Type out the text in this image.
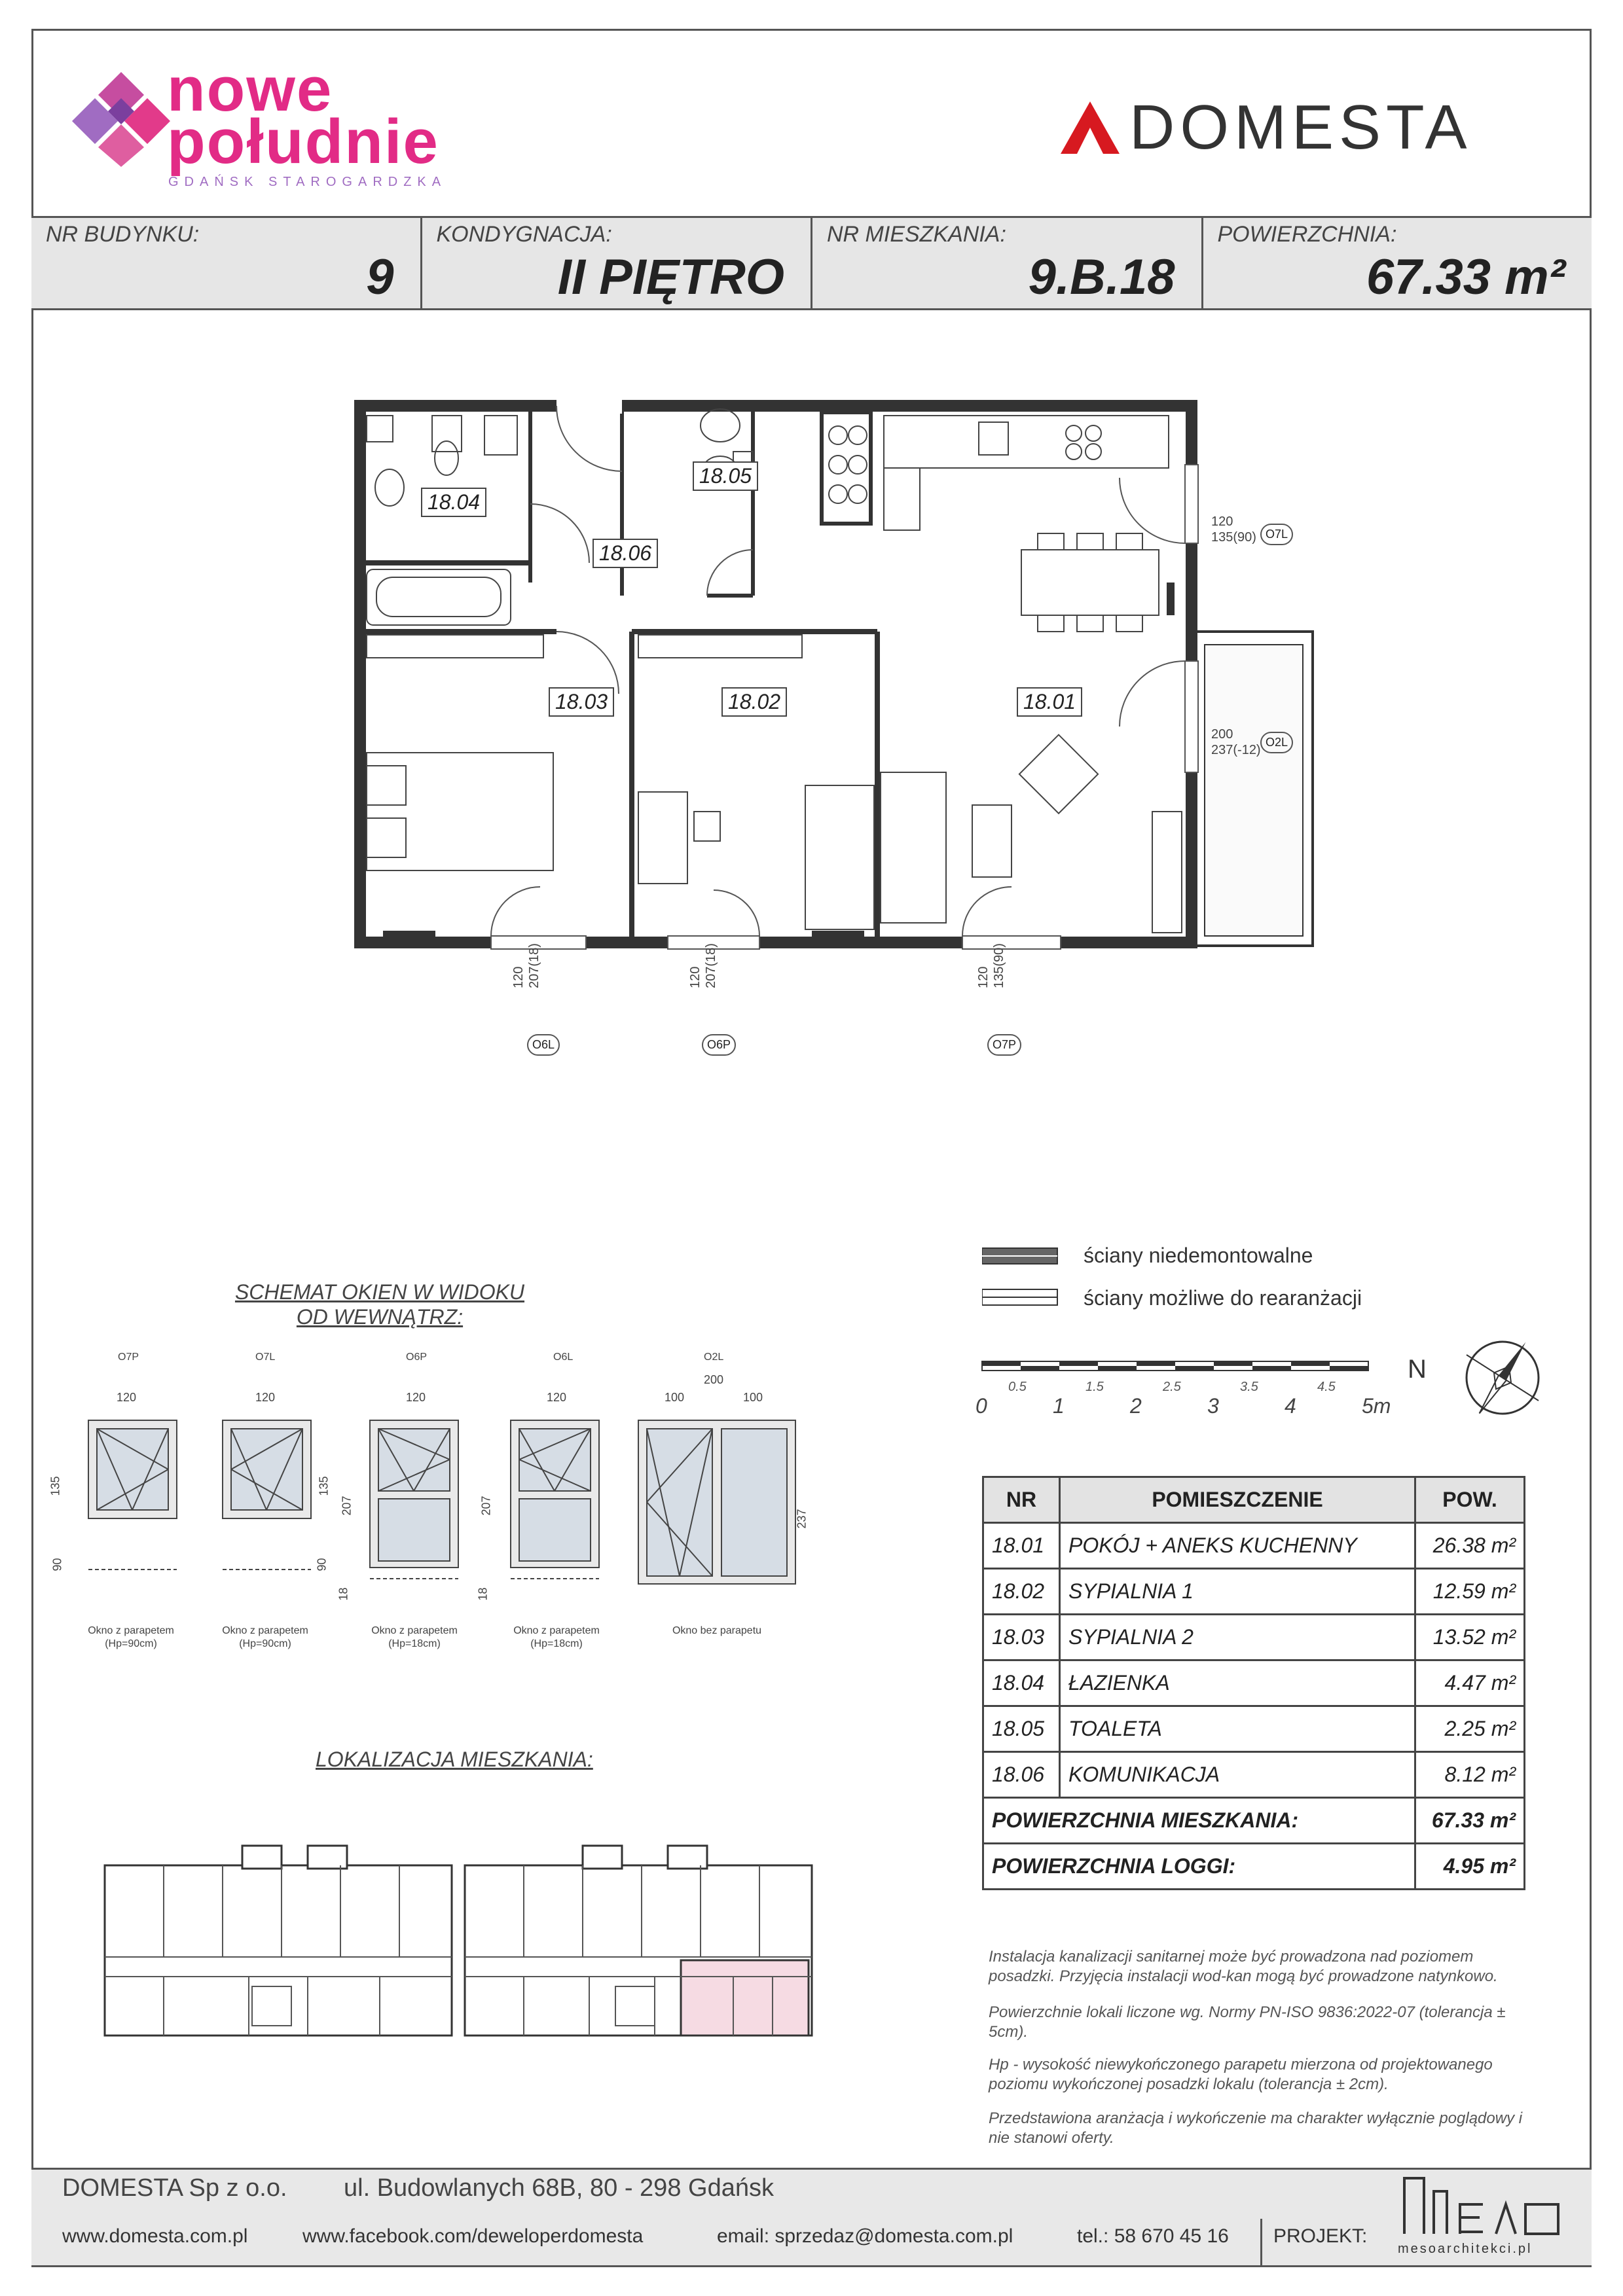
nowe
południe
GDAŃSK STAROGARDZKA
DOMESTA
NR BUDYNKU:
9
KONDYGNACJA:
II PIĘTRO
NR MIESZKANIA:
9.B.18
POWIERZCHNIA:
67.33 m²
18.04
18.05
18.06
18.03	18.02	18.01
120
135(90) O7L
200
237(-12)
O2L
120 207(18)
O6L
120 207(18)
O6P
120 135(90)
O7P
ściany niedemontowalne
ściany możliwe do rearanżacji
0.5	1.5	2.5	3.5	4.5
0	1	2	3	4	5m
N
SCHEMAT OKIEN W WIDOKU
OD WEWNĄTRZ:
O7P	O7L	O6P	O6L	O2L
120	120	120	120
200
100	100
135
90
135
207
90
18
207
18
237
Okno z parapetem
(Hp=90cm)
Okno z parapetem
(Hp=90cm)
Okno z parapetem
(Hp=18cm)
Okno z parapetem
(Hp=18cm)
Okno bez parapetu
LOKALIZACJA MIESZKANIA:
NR	POMIESZCZENIE	POW.
18.01	POKÓJ + ANEKS KUCHENNY	26.38 m²
18.02	SYPIALNIA 1	12.59 m²
18.03	SYPIALNIA 2	13.52 m²
18.04	ŁAZIENKA	4.47 m²
18.05	TOALETA	2.25 m²
18.06	KOMUNIKACJA	8.12 m²
POWIERZCHNIA MIESZKANIA:		67.33 m²
POWIERZCHNIA LOGGI:		4.95 m²
Instalacja kanalizacji sanitarnej może być prowadzona nad poziomem posadzki. Przyjęcia instalacji wod-kan mogą być prowadzone natynkowo.
Powierzchnie lokali liczone wg. Normy PN-ISO 9836:2022-07 (tolerancja ± 5cm).
Hp - wysokość niewykończonego parapetu mierzona od projektowanego poziomu wykończonej posadzki lokalu (tolerancja ± 2cm).
Przedstawiona aranżacja i wykończenie ma charakter wyłącznie poglądowy i nie stanowi oferty.
DOMESTA Sp z o.o. ul. Budowlanych 68B, 80 - 298 Gdańsk
www.domesta.com.pl	www.facebook.com/deweloperdomesta	email: sprzedaz@domesta.com.pl	tel.: 58 670 45 16 PROJEKT:
mesoarchitekci.pl
